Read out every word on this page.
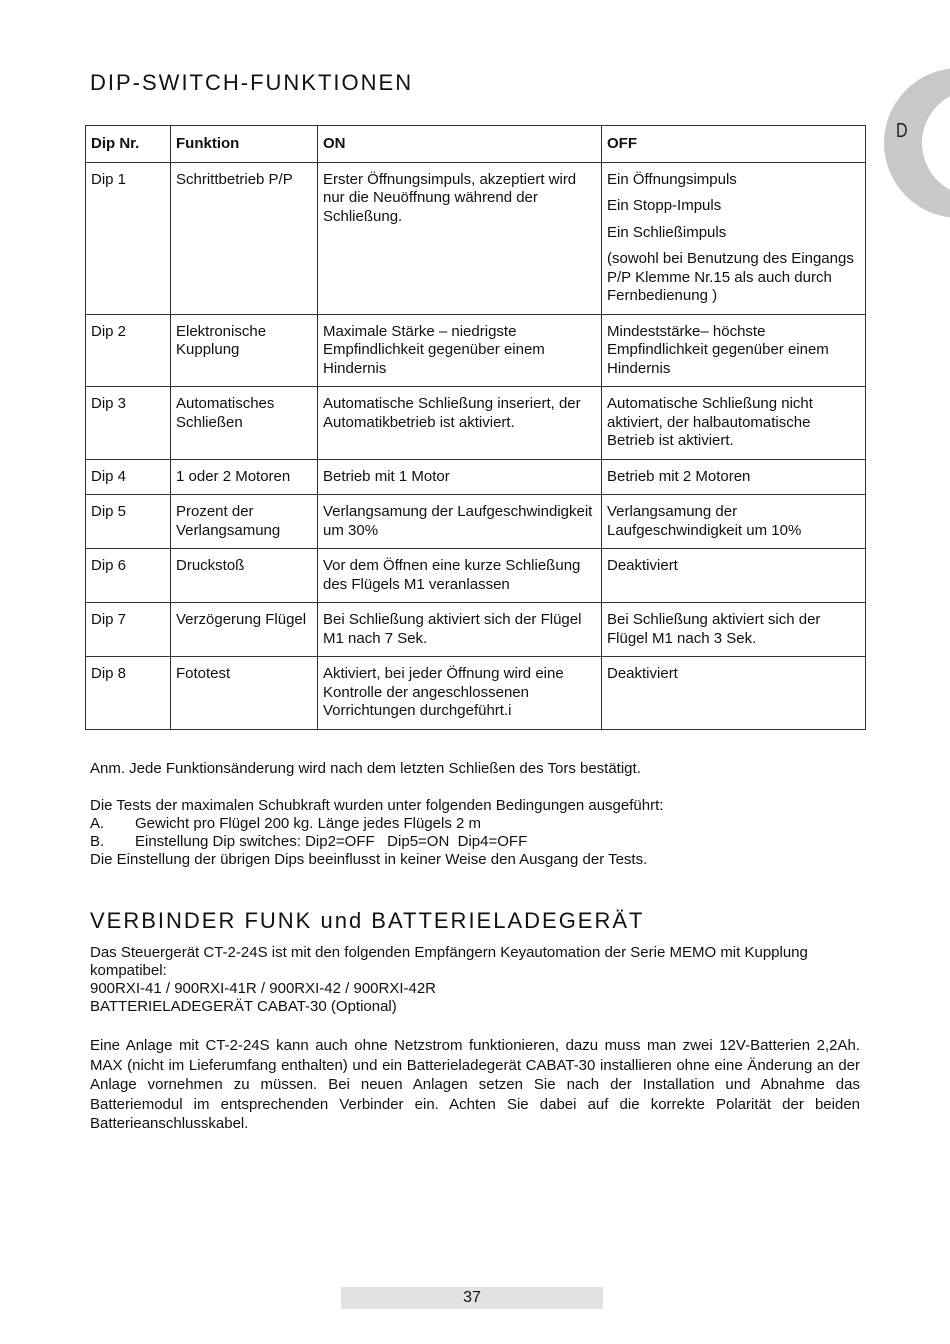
D
DIP-SWITCH-FUNKTIONEN
Dip Nr.	Funktion	ON	OFF
Dip 1	Schrittbetrieb P/P	Erster Öffnungsimpuls, akzeptiert wird nur die Neuöffnung während der Schließung.	Ein Öffnungsimpuls

Ein Stopp-Impuls

Ein Schließimpuls

(sowohl bei Benutzung des Eingangs P/P Klemme Nr.15 als auch durch Fernbedienung )

Dip 2	Elektronische Kupplung	Maximale Stärke – niedrigste Empfindlichkeit gegenüber einem Hindernis	Mindeststärke– höchste Empfindlichkeit gegenüber einem Hindernis
Dip 3	Automatisches Schließen	Automatische Schließung inseriert, der Automatikbetrieb ist aktiviert.	Automatische Schließung nicht aktiviert, der halbautomatische Betrieb ist aktiviert.
Dip 4	1 oder 2 Motoren	Betrieb mit 1 Motor	Betrieb mit 2 Motoren
Dip 5	Prozent der Verlangsamung	Verlangsamung der Laufgeschwindigkeit um 30%	Verlangsamung der Laufgeschwindigkeit um 10%
Dip 6	Druckstoß	Vor dem Öffnen eine kurze Schließung des Flügels M1 veranlassen	Deaktiviert
Dip 7	Verzögerung Flügel	Bei Schließung aktiviert sich der Flügel M1 nach 7 Sek.	Bei Schließung aktiviert sich der Flügel M1 nach 3 Sek.
Dip 8	Fototest	Aktiviert, bei jeder Öffnung wird eine Kontrolle der angeschlossenen Vorrichtungen durchgeführt.i	Deaktiviert

Anm. Jede Funktionsänderung wird nach dem letzten Schließen des Tors bestätigt.

Die Tests der maximalen Schubkraft wurden unter folgenden Bedingungen ausgeführt:

A.	Gewicht pro Flügel 200 kg. Länge jedes Flügels 2 m
B.	Einstellung Dip switches: Dip2=OFF   Dip5=ON  Dip4=OFF

Die Einstellung der übrigen Dips beeinflusst in keiner Weise den Ausgang der Tests.

VERBINDER FUNK und BATTERIELADEGERÄT

Das Steuergerät CT-2-24S ist mit den folgenden Empfängern Keyautomation der Serie MEMO mit Kupplung kompatibel:

900RXI-41 / 900RXI-41R / 900RXI-42 / 900RXI-42R

BATTERIELADEGERÄT CABAT-30 (Optional)

Eine Anlage mit CT-2-24S kann auch ohne Netzstrom funktionieren, dazu muss man zwei 12V-Batterien 2,2Ah. MAX (nicht im Lieferumfang enthalten) und ein Batterieladegerät CABAT-30 installieren ohne eine Änderung an der Anlage vornehmen zu müssen. Bei neuen Anlagen setzen Sie nach der Installation und Abnahme das Batteriemodul im entsprechenden Verbinder ein. Achten Sie dabei auf die korrekte Polarität der beiden Batterieanschlusskabel.

37
